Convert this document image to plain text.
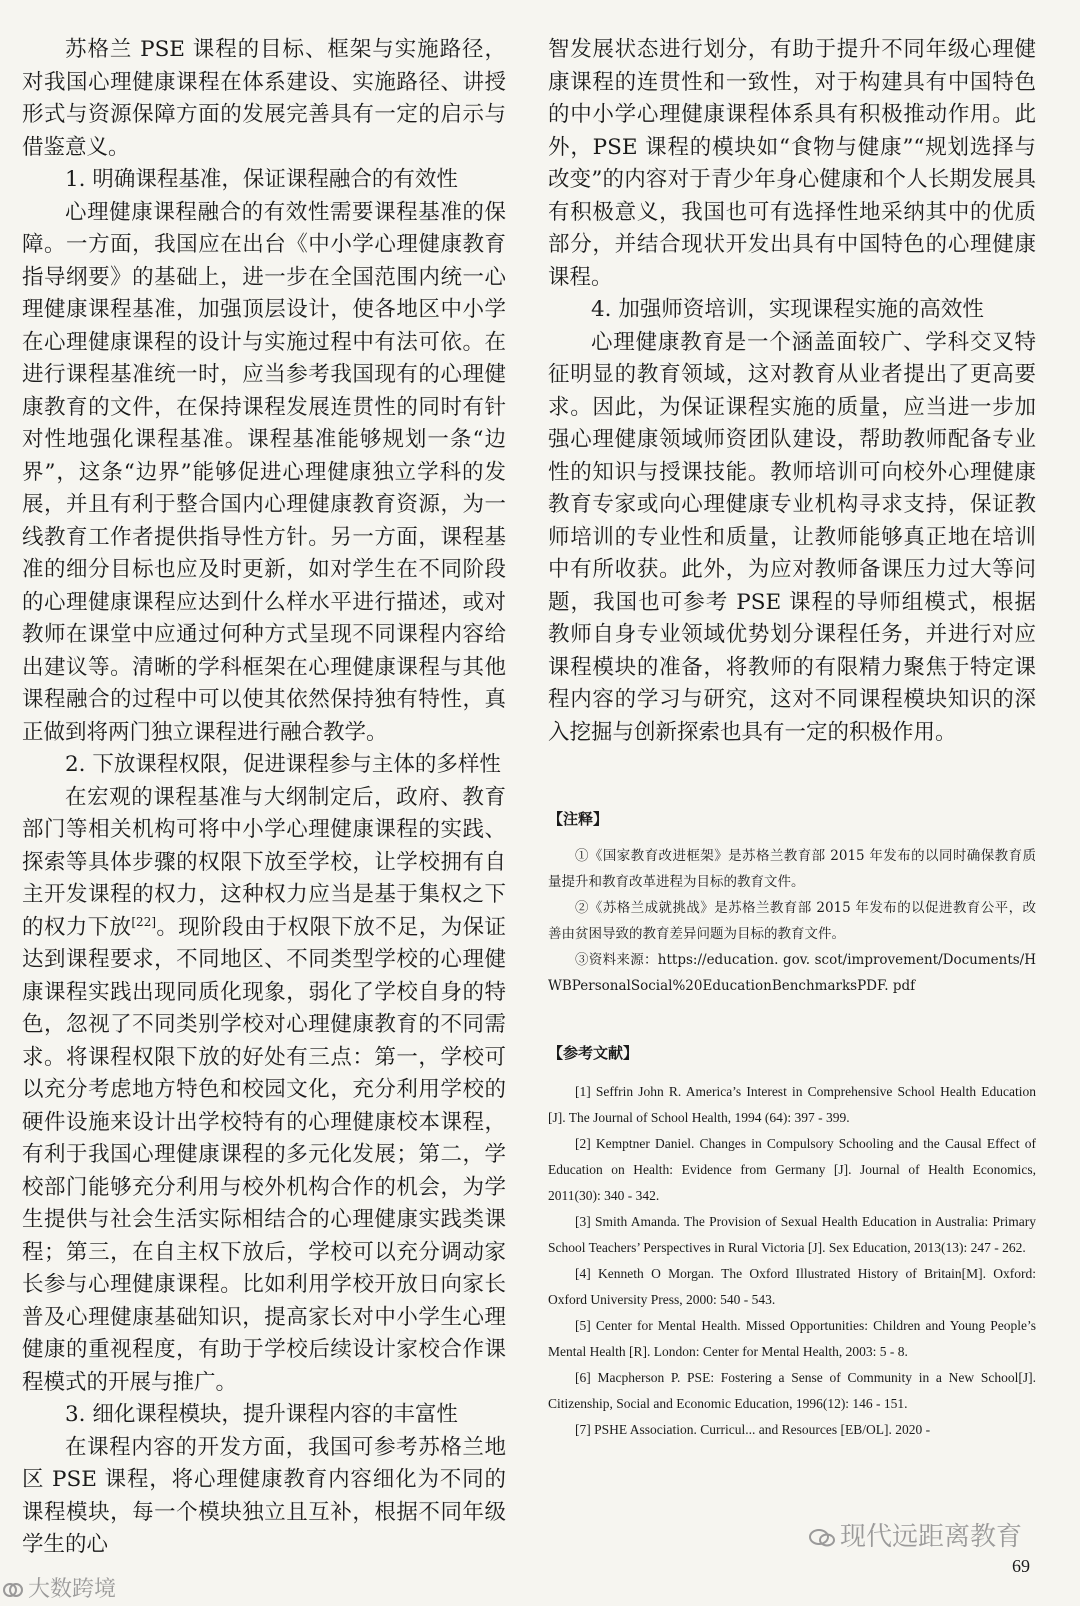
苏格兰 PSE 课程的目标、框架与实施路径，对我国心理健康课程在体系建设、实施路径、讲授形式与资源保障方面的发展完善具有一定的启示与借鉴意义。

1. 明确课程基准，保证课程融合的有效性

心理健康课程融合的有效性需要课程基准的保障。一方面，我国应在出台《中小学心理健康教育指导纲要》的基础上，进一步在全国范围内统一心理健康课程基准，加强顶层设计，使各地区中小学在心理健康课程的设计与实施过程中有法可依。在进行课程基准统一时，应当参考我国现有的心理健康教育的文件，在保持课程发展连贯性的同时有针对性地强化课程基准。课程基准能够规划一条“边界”，这条“边界”能够促进心理健康独立学科的发展，并且有利于整合国内心理健康教育资源，为一线教育工作者提供指导性方针。另一方面，课程基准的细分目标也应及时更新，如对学生在不同阶段的心理健康课程应达到什么样水平进行描述，或对教师在课堂中应通过何种方式呈现不同课程内容给出建议等。清晰的学科框架在心理健康课程与其他课程融合的过程中可以使其依然保持独有特性，真正做到将两门独立课程进行融合教学。

2. 下放课程权限，促进课程参与主体的多样性

在宏观的课程基准与大纲制定后，政府、教育部门等相关机构可将中小学心理健康课程的实践、探索等具体步骤的权限下放至学校，让学校拥有自主开发课程的权力，这种权力应当是基于集权之下的权力下放[22]。现阶段由于权限下放不足，为保证达到课程要求，不同地区、不同类型学校的心理健康课程实践出现同质化现象，弱化了学校自身的特色，忽视了不同类别学校对心理健康教育的不同需求。将课程权限下放的好处有三点：第一，学校可以充分考虑地方特色和校园文化，充分利用学校的硬件设施来设计出学校特有的心理健康校本课程，有利于我国心理健康课程的多元化发展；第二，学校部门能够充分利用与校外机构合作的机会，为学生提供与社会生活实际相结合的心理健康实践类课程；第三，在自主权下放后，学校可以充分调动家长参与心理健康课程。比如利用学校开放日向家长普及心理健康基础知识，提高家长对中小学生心理健康的重视程度，有助于学校后续设计家校合作课程模式的开展与推广。

3. 细化课程模块，提升课程内容的丰富性

在课程内容的开发方面，我国可参考苏格兰地区 PSE 课程，将心理健康教育内容细化为不同的课程模块，每一个模块独立且互补，根据不同年级学生的心

智发展状态进行划分，有助于提升不同年级心理健康课程的连贯性和一致性，对于构建具有中国特色的中小学心理健康课程体系具有积极推动作用。此外，PSE 课程的模块如“食物与健康”“规划选择与改变”的内容对于青少年身心健康和个人长期发展具有积极意义，我国也可有选择性地采纳其中的优质部分，并结合现状开发出具有中国特色的心理健康课程。

4. 加强师资培训，实现课程实施的高效性

心理健康教育是一个涵盖面较广、学科交叉特征明显的教育领域，这对教育从业者提出了更高要求。因此，为保证课程实施的质量，应当进一步加强心理健康领域师资团队建设，帮助教师配备专业性的知识与授课技能。教师培训可向校外心理健康教育专家或向心理健康专业机构寻求支持，保证教师培训的专业性和质量，让教师能够真正地在培训中有所收获。此外，为应对教师备课压力过大等问题，我国也可参考 PSE 课程的导师组模式，根据教师自身专业领域优势划分课程任务，并进行对应课程模块的准备，将教师的有限精力聚焦于特定课程内容的学习与研究，这对不同课程模块知识的深入挖掘与创新探索也具有一定的积极作用。

【注释】

①《国家教育改进框架》是苏格兰教育部 2015 年发布的以同时确保教育质量提升和教育改革进程为目标的教育文件。

②《苏格兰成就挑战》是苏格兰教育部 2015 年发布的以促进教育公平，改善由贫困导致的教育差异问题为目标的教育文件。

③资料来源：https://education. gov. scot/improvement/Documents/HWBPersonalSocial%20EducationBenchmarksPDF. pdf

【参考文献】

[1] Seffrin John R. America’s Interest in Comprehensive School Health Education [J]. The Journal of School Health, 1994 (64): 397 - 399.

[2] Kemptner Daniel. Changes in Compulsory Schooling and the Causal Effect of Education on Health: Evidence from Germany [J]. Journal of Health Economics, 2011(30): 340 - 342.

[3] Smith Amanda. The Provision of Sexual Health Education in Australia: Primary School Teachers’ Perspectives in Rural Victoria [J]. Sex Education, 2013(13): 247 - 262.

[4] Kenneth O Morgan. The Oxford Illustrated History of Britain[M]. Oxford: Oxford University Press, 2000: 540 - 543.

[5] Center for Mental Health. Missed Opportunities: Children and Young People’s Mental Health [R]. London: Center for Mental Health, 2003: 5 - 8.

[6] Macpherson P. PSE: Fostering a Sense of Community in a New School[J]. Citizenship, Social and Economic Education, 1996(12): 146 - 151.

[7] PSHE Association. Curricul... and Resources [EB/OL]. 2020 -

69
大数跨境
现代远距离教育
